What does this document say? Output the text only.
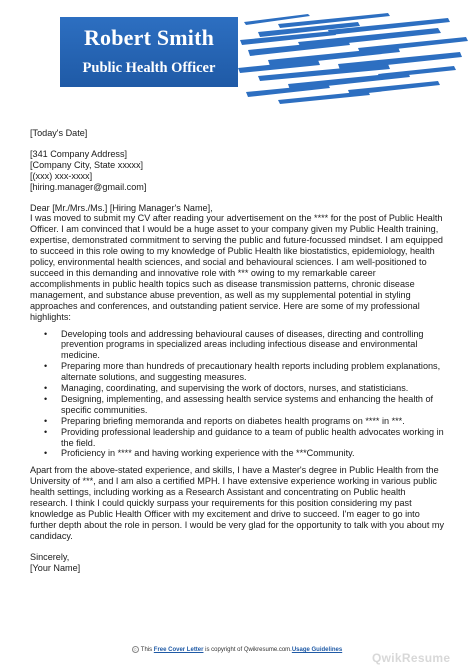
Robert Smith
Public Health Officer

[Today's Date]

[341 Company Address]

[Company City, State xxxxx]

[(xxx) xxx-xxxx]

[hiring.manager@gmail.com]

Dear [Mr./Mrs./Ms.] [Hiring Manager's Name],

I was moved to submit my CV after reading your advertisement on the **** for the post of Public Health Officer. I am convinced that I would be a huge asset to your company given my Public Health training, expertise, demonstrated commitment to serving the public and future-focussed mindset. I am equipped to succeed in this role owing to my knowledge of Public Health like biostatistics, epidemiology, health policy, environmental health sciences, and social and behavioural sciences. I am well-positioned to succeed in this demanding and innovative role with *** owing to my remarkable career accomplishments in public health topics such as disease transmission patterns, chronic disease management, and substance abuse prevention, as well as my supplemental potential in styling approaches and conferences, and outstanding patient service. Here are some of my professional highlights:

• Developing tools and addressing behavioural causes of diseases, directing and controlling prevention programs in specialized areas including infectious disease and environmental medicine.
• Preparing more than hundreds of precautionary health reports including problem explanations, alternate solutions, and suggesting measures.
• Managing, coordinating, and supervising the work of doctors, nurses, and statisticians.
• Designing, implementing, and assessing health service systems and enhancing the health of specific communities.
• Preparing briefing memoranda and reports on diabetes health programs on **** in ***.
• Providing professional leadership and guidance to a team of public health advocates working in the field.
• Proficiency in **** and having working experience with the ***Community.

Apart from the above-stated experience, and skills, I have a Master's degree in Public Health from the University of ***, and I am also a certified MPH. I have extensive experience working in various public health settings, including working as a Research Assistant and concentrating on Public health research. I think I could quickly surpass your requirements for this position considering my past knowledge as Public Health Officer with my excitement and drive to succeed. I'm eager to go into further depth about the role in person. I would be very glad for the opportunity to talk with you about my candidacy.

Sincerely,

[Your Name]

© This Free Cover Letter is copyright of Qwikresume.com.Usage Guidelines
QwikResume
